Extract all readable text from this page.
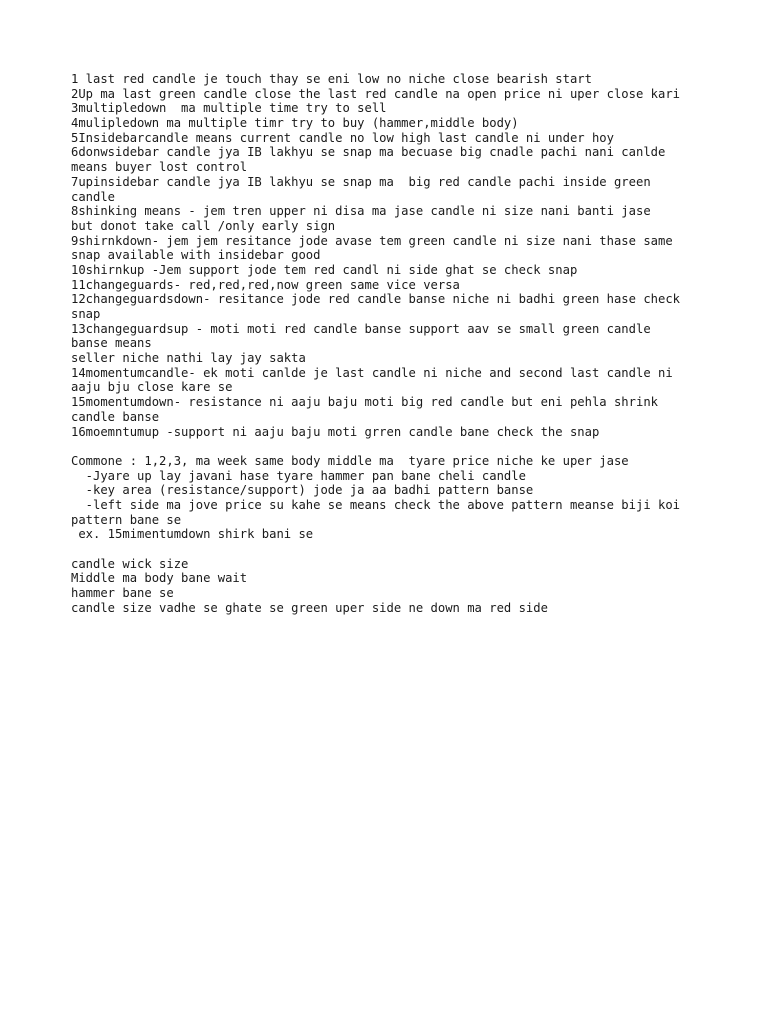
1 last red candle je touch thay se eni low no niche close bearish start
2Up ma last green candle close the last red candle na open price ni uper close kari
3multipledown  ma multiple time try to sell
4mulipledown ma multiple timr try to buy (hammer,middle body)
5Insidebarcandle means current candle no low high last candle ni under hoy
6donwsidebar candle jya IB lakhyu se snap ma becuase big cnadle pachi nani canlde
means buyer lost control
7upinsidebar candle jya IB lakhyu se snap ma  big red candle pachi inside green
candle
8shinking means - jem tren upper ni disa ma jase candle ni size nani banti jase
but donot take call /only early sign
9shirnkdown- jem jem resitance jode avase tem green candle ni size nani thase same
snap available with insidebar good
10shirnkup -Jem support jode tem red candl ni side ghat se check snap
11changeguards- red,red,red,now green same vice versa
12changeguardsdown- resitance jode red candle banse niche ni badhi green hase check
snap
13changeguardsup - moti moti red candle banse support aav se small green candle
banse means
seller niche nathi lay jay sakta
14momentumcandle- ek moti canlde je last candle ni niche and second last candle ni
aaju bju close kare se
15momentumdown- resistance ni aaju baju moti big red candle but eni pehla shrink
candle banse
16moemntumup -support ni aaju baju moti grren candle bane check the snap
Commone : 1,2,3, ma week same body middle ma  tyare price niche ke uper jase
-Jyare up lay javani hase tyare hammer pan bane cheli candle
-key area (resistance/support) jode ja aa badhi pattern banse
-left side ma jove price su kahe se means check the above pattern meanse biji koi
pattern bane se
ex. 15mimentumdown shirk bani se
candle wick size
Middle ma body bane wait
hammer bane se
candle size vadhe se ghate se green uper side ne down ma red side
